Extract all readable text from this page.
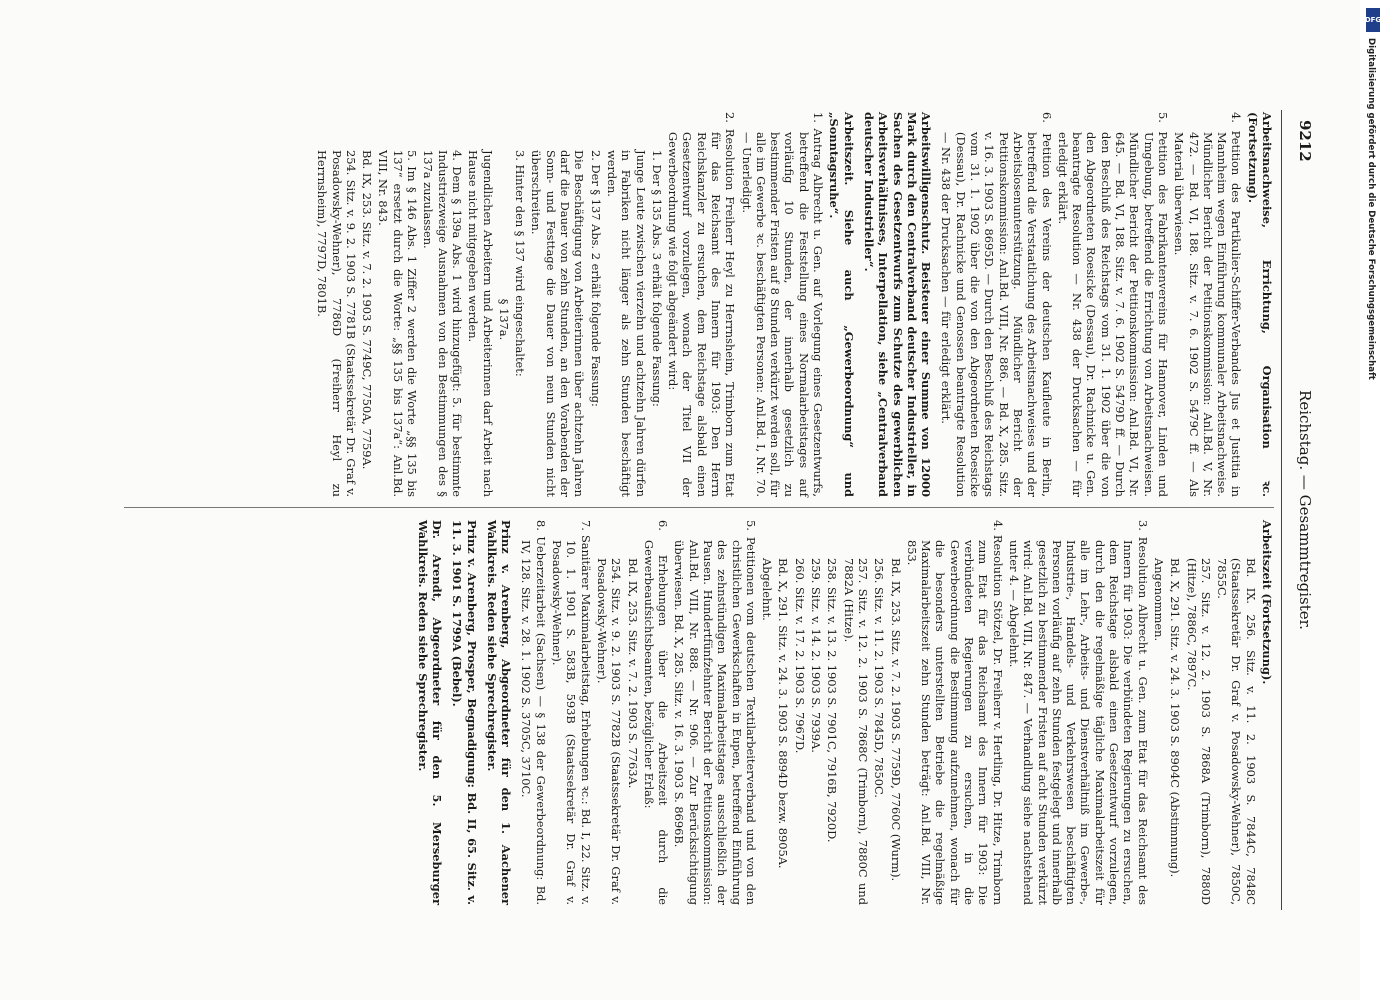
9212
Reichstag. — Gesammtregister.

Arbeitsnachweise, Errichtung, Organisation ꝛc. (Fortsetzung).

4. Petition des Partikulier-Schiffer-Verbandes Jus et Justitia in Mannheim wegen Einführung kommunaler Arbeitsnachweise. Mündlicher Bericht der Petitionskommission: Anl.Bd. V, Nr. 472. — Bd. VI, 188. Sitz. v. 7. 6. 1902 S. 5479C ff. — Als Material überwiesen.

5. Petition des Fabrikantenvereins für Hannover, Linden und Umgebung, betreffend die Errichtung von Arbeitsnachweisen. Mündlicher Bericht der Petitionskommission: Anl.Bd. VI, Nr. 645. — Bd. VI, 188. Sitz. v. 7. 6. 1902 S. 5479D ff. — Durch den Beschluß des Reichstags vom 31. 1. 1902 über die von den Abgeordneten Roesicke (Dessau), Dr. Rachnicke u. Gen. beantragte Resolution — Nr. 438 der Drucksachen — für erledigt erklärt.

6. Petition des Vereins der deutschen Kaufleute in Berlin, betreffend die Verstaatlichung des Arbeitsnachweises und der Arbeitslosenunterstützung. Mündlicher Bericht der Petitionskommission: Anl.Bd. VIII, Nr. 886. — Bd. X, 285. Sitz. v. 16. 3. 1903 S. 8695D. — Durch den Beschluß des Reichstags vom 31. 1. 1902 über die von den Abgeordneten Roesicke (Dessau), Dr. Rachnicke und Genossen beantragte Resolution — Nr. 438 der Drucksachen — für erledigt erklärt.

Arbeitswilligenschutz. Beisteuer einer Summe von 12000 Mark durch den Centralverband deutscher Industrieller, in Sachen des Gesetzentwurfs zum Schutze des gewerblichen Arbeitsverhältnisses, Interpellation, siehe „Centralverband deutscher Industrieller“.

Arbeitszeit. Siehe auch „Gewerbeordnung“ und „Sonntagsruhe“.

1. Antrag Albrecht u. Gen. auf Vorlegung eines Gesetzentwurfs, betreffend die Feststellung eines Normalarbeitstages auf vorläufig 10 Stunden, der innerhalb gesetzlich zu bestimmender Fristen auf 8 Stunden verkürzt werden soll, für alle im Gewerbe ꝛc. beschäftigten Personen: Anl.Bd. I, Nr. 70. — Unerledigt.

2. Resolution Freiherr Heyl zu Herrnsheim, Trimborn zum Etat für das Reichsamt des Innern für 1903: Den Herrn Reichskanzler zu ersuchen, dem Reichstage alsbald einen Gesetzentwurf vorzulegen, wonach der Titel VII der Gewerbeordnung wie folgt abgeändert wird:

1. Der § 135 Abs. 3 erhält folgende Fassung:

Junge Leute zwischen vierzehn und achtzehn Jahren dürfen in Fabriken nicht länger als zehn Stunden beschäftigt werden.

2. Der § 137 Abs. 2 erhält folgende Fassung:

Die Beschäftigung von Arbeiterinnen über achtzehn Jahren darf die Dauer von zehn Stunden, an den Vorabenden der Sonn- und Festtage die Dauer von neun Stunden nicht überschreiten.

3. Hinter den § 137 wird eingeschaltet:

§ 137a.

Jugendlichen Arbeitern und Arbeiterinnen darf Arbeit nach Hause nicht mitgegeben werden.

4. Dem § 139a Abs. 1 wird hinzugefügt: 5. für bestimmte Industriezweige Ausnahmen von den Bestimmungen des § 137a zuzulassen.

5. Im § 146 Abs. 1 Ziffer 2 werden die Worte „§§ 135 bis 137“ ersetzt durch die Worte: „§§ 135 bis 137a“: Anl.Bd. VIII, Nr. 843.

Bd. IX, 253. Sitz. v. 7. 2. 1903 S. 7749C, 7750A, 7759A.

254. Sitz. v. 9. 2. 1903 S. 7781B (Staatssekretär Dr. Graf v. Posadowsky-Wehner), 7786D (Freiherr Heyl zu Herrnsheim), 7797D, 7801B.

Arbeitszeit (Fortsetzung).

Bd. IX. 256. Sitz. v. 11. 2. 1903 S. 7844C, 7848C (Staatssekretär Dr. Graf v. Posadowsky-Wehner), 7850C, 7855C.

257. Sitz. v. 12. 2. 1903 S. 7868A (Trimborn), 7880D (Hitze), 7886C, 7897C.

Bd. X, 291. Sitz. v. 24. 3. 1903 S. 8904C (Abstimmung).

Angenommen.

3. Resolution Albrecht u. Gen. zum Etat für das Reichsamt des Innern für 1903: Die verbündeten Regierungen zu ersuchen, dem Reichstage alsbald einen Gesetzentwurf vorzulegen, durch den die regelmäßige tägliche Maximalarbeitszeit für alle im Lehr-, Arbeits- und Dienstverhältniß im Gewerbe-, Industrie-, Handels- und Verkehrswesen beschäftigten Personen vorläufig auf zehn Stunden festgelegt und innerhalb gesetzlich zu bestimmender Fristen auf acht Stunden verkürzt wird: Anl.Bd. VIII, Nr. 847. — Verhandlung siehe nachstehend unter 4. — Abgelehnt.

4. Resolution Stötzel, Dr. Freiherr v. Hertling, Dr. Hitze, Trimborn zum Etat für das Reichsamt des Innern für 1903: Die verbündeten Regierungen zu ersuchen, in die Gewerbeordnung die Bestimmung aufzunehmen, wonach für die besonders unterstellten Betriebe die regelmäßige Maximalarbeitszeit zehn Stunden beträgt: Anl.Bd. VIII, Nr. 853.

Bd. IX, 253. Sitz. v. 7. 2. 1903 S. 7759D, 7760C (Wurm).

256. Sitz. v. 11. 2. 1903 S. 7845D, 7850C.

257. Sitz. v. 12. 2. 1903 S. 7868C (Trimborn), 7880C und 7882A (Hitze).

258. Sitz. v. 13. 2. 1903 S. 7901C, 7916B, 7920D.

259. Sitz. v. 14. 2. 1903 S. 7939A.

260. Sitz. v. 17. 2. 1903 S. 7967D.

Bd. X, 291. Sitz. v. 24. 3. 1903 S. 8894D bezw. 8905A.

Abgelehnt.

5. Petitionen vom deutschen Textilarbeiterverband und von den christlichen Gewerkschaften in Eupen, betreffend Einführung des zehnstündigen Maximalarbeitstages ausschließlich der Pausen. Hundertfünfzehnter Bericht der Petitionskommission: Anl.Bd. VIII, Nr. 888. — Nr. 906. — Zur Berücksichtigung überwiesen. Bd. X, 285. Sitz. v. 16. 3. 1903 S. 8696B.

6. Erhebungen über die Arbeitszeit durch die Gewerbeaufsichtsbeamten, bezüglicher Erlaß:

Bd. IX, 253. Sitz. v. 7. 2. 1903 S. 7763A.

254. Sitz. v. 9. 2. 1903 S. 7782B (Staatssekretär Dr. Graf v. Posadowsky-Wehner).

7. Sanitärer Maximalarbeitstag, Erhebungen ꝛc.: Bd. I, 22. Sitz. v. 10. 1. 1901 S. 583B, 593B (Staatssekretär Dr. Graf v. Posadowsky-Wehner).

8. Ueberzeitarbeit (Sachsen) — § 138 der Gewerbeordnung: Bd. IV, 128. Sitz. v. 28. 1. 1902 S. 3705C, 3710C.

Prinz v. Arenberg, Abgeordneter für den 1. Aachener Wahlkreis. Reden siehe Sprechregister.

Prinz v. Arenberg, Prosper, Begnadigung: Bd. II, 65. Sitz. v. 11. 3. 1901 S. 1799A (Bebel).

Dr. Arendt, Abgeordneter für den 5. Merseburger Wahlkreis. Reden siehe Sprechregister.

DFG
Digitalisierung gefördert durch die Deutsche Forschungsgemeinschaft
